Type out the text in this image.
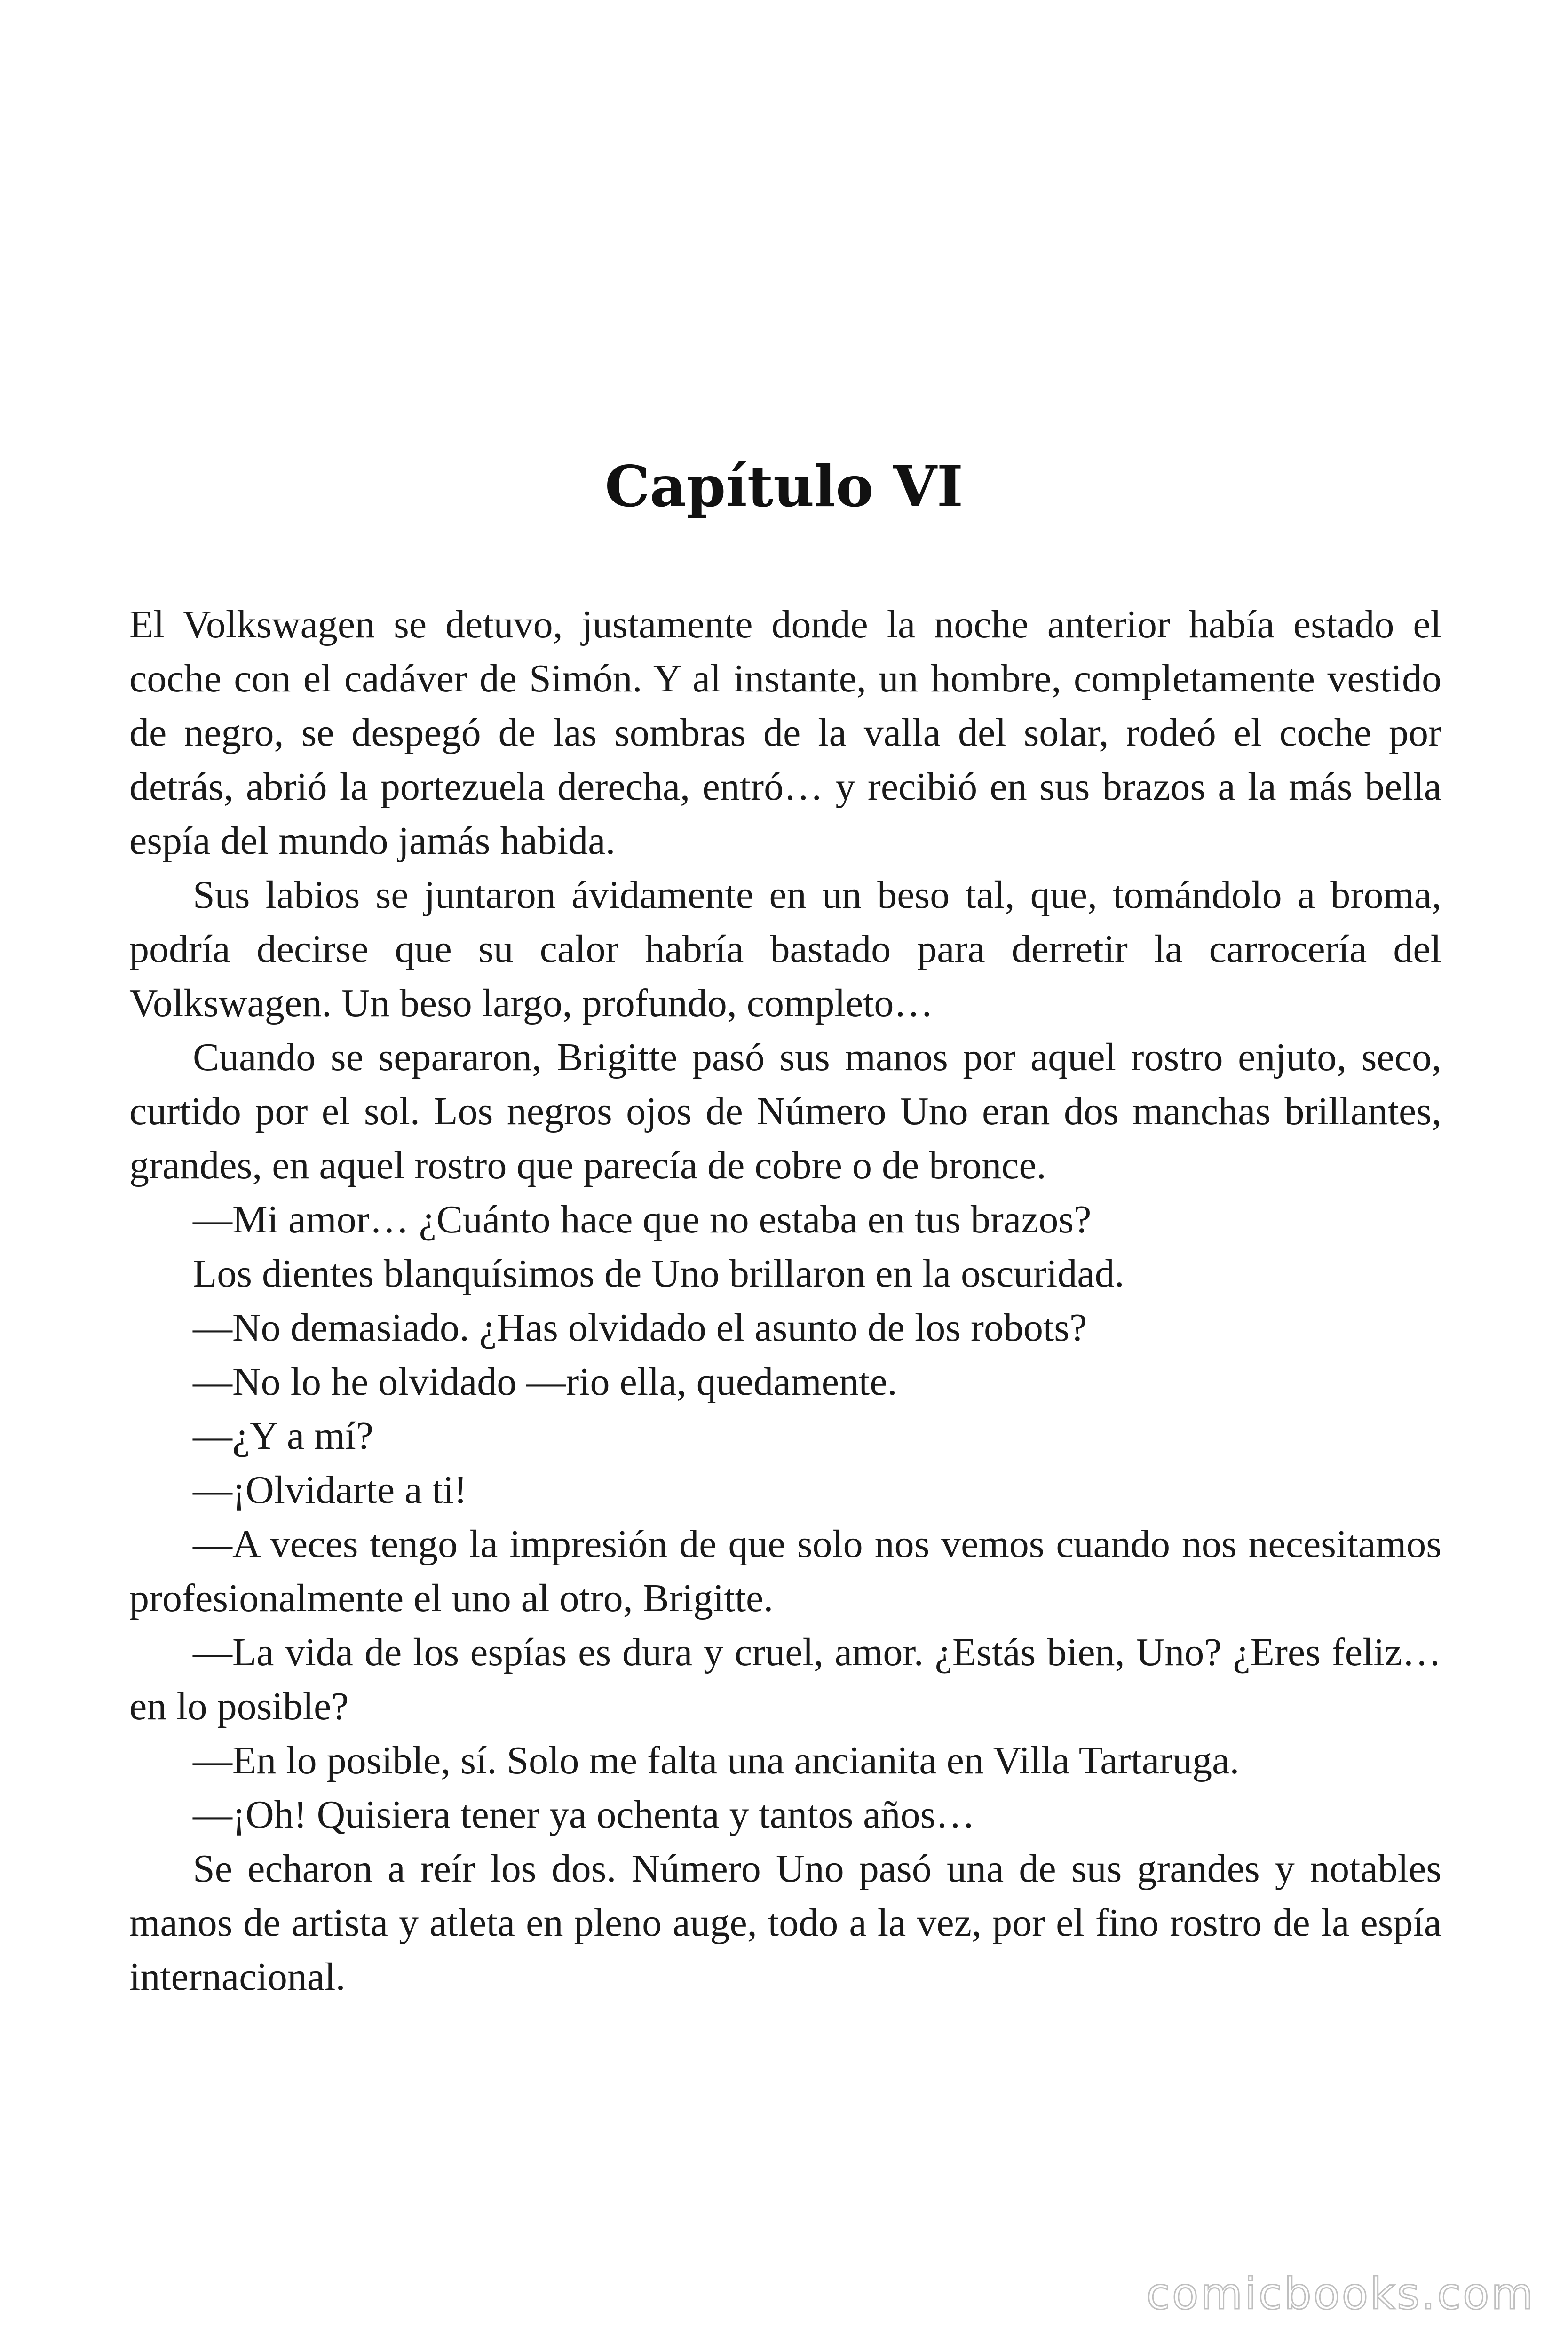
Capítulo VI

El Volkswagen se detuvo, justamente donde la noche anterior había estado el coche con el cadáver de Simón. Y al instante, un hombre, completamente vestido de negro, se despegó de las sombras de la valla del solar, rodeó el coche por detrás, abrió la portezuela derecha, entró… y recibió en sus brazos a la más bella espía del mundo jamás habida.

Sus labios se juntaron ávidamente en un beso tal, que, tomándolo a broma, podría decirse que su calor habría bastado para derretir la carrocería del Volkswagen. Un beso largo, profundo, completo…

Cuando se separaron, Brigitte pasó sus manos por aquel rostro enjuto, seco, curtido por el sol. Los negros ojos de Número Uno eran dos manchas brillantes, grandes, en aquel rostro que parecía de cobre o de bronce.

—Mi amor… ¿Cuánto hace que no estaba en tus brazos?

Los dientes blanquísimos de Uno brillaron en la oscuridad.

—No demasiado. ¿Has olvidado el asunto de los robots?

—No lo he olvidado —rio ella, quedamente.

—¿Y a mí?

—¡Olvidarte a ti!

—A veces tengo la impresión de que solo nos vemos cuando nos necesitamos profesionalmente el uno al otro, Brigitte.

—La vida de los espías es dura y cruel, amor. ¿Estás bien, Uno? ¿Eres feliz… en lo posible?

—En lo posible, sí. Solo me falta una ancianita en Villa Tartaruga.

—¡Oh! Quisiera tener ya ochenta y tantos años…

Se echaron a reír los dos. Número Uno pasó una de sus grandes y notables manos de artista y atleta en pleno auge, todo a la vez, por el fino rostro de la espía internacional.

comicbooks.com
